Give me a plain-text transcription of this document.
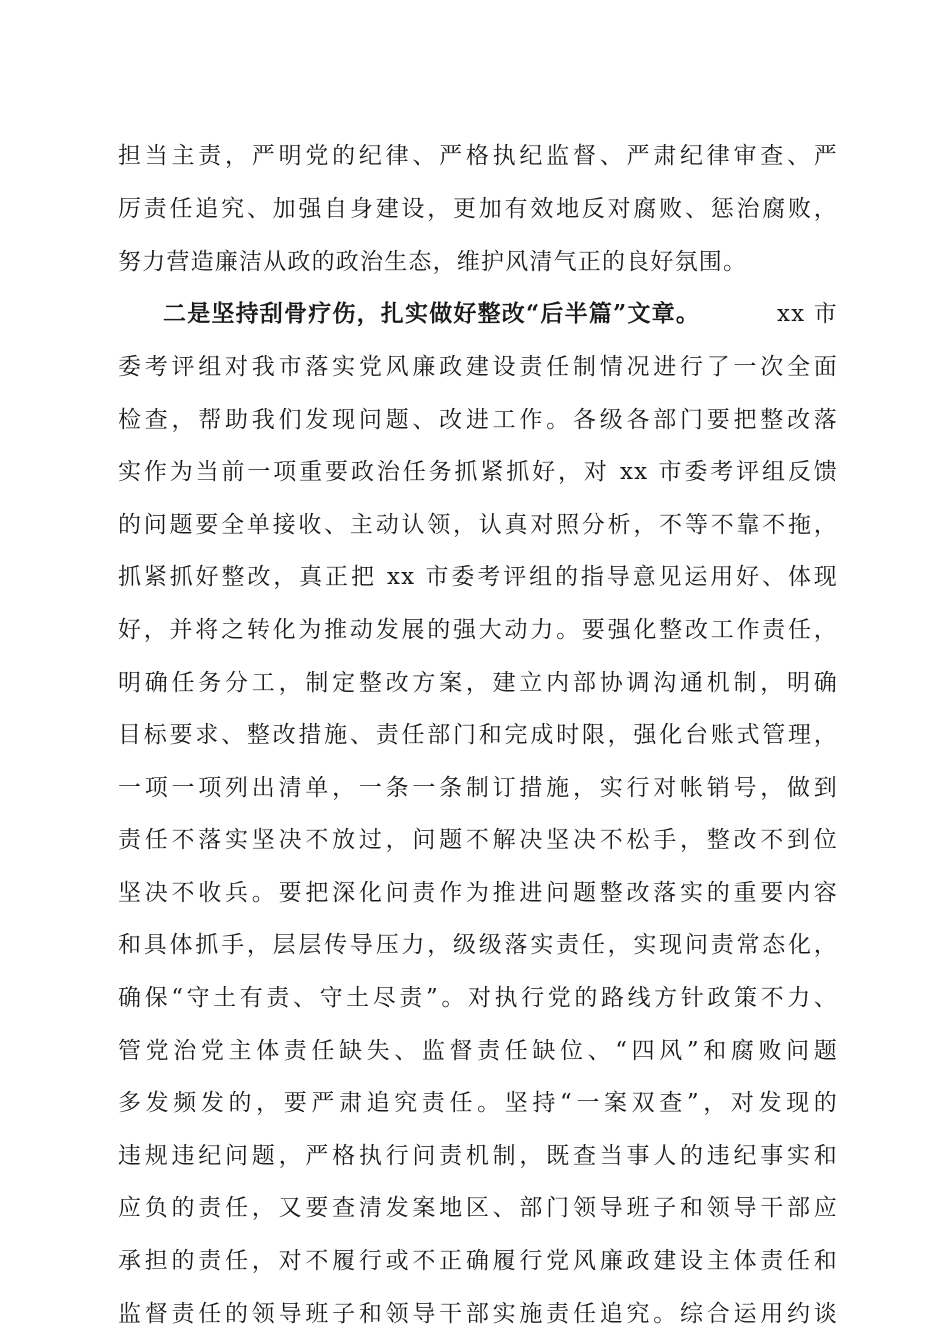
担当主责，严明党的纪律、严格执纪监督、严肃纪律审查、严
厉责任追究、加强自身建设，更加有效地反对腐败、惩治腐败，
努力营造廉洁从政的政治生态，维护风清气正的良好氛围。
二是坚持刮骨疗伤，扎实做好整改“后半篇”文章。	xx 市
委考评组对我市落实党风廉政建设责任制情况进行了一次全面
检查，帮助我们发现问题、改进工作。各级各部门要把整改落
实作为当前一项重要政治任务抓紧抓好，对 xx 市委考评组反馈
的问题要全单接收、主动认领，认真对照分析，不等不靠不拖，
抓紧抓好整改，真正把 xx 市委考评组的指导意见运用好、体现
好，并将之转化为推动发展的强大动力。要强化整改工作责任，
明确任务分工，制定整改方案，建立内部协调沟通机制，明确
目标要求、整改措施、责任部门和完成时限，强化台账式管理，
一项一项列出清单，一条一条制订措施，实行对帐销号，做到
责任不落实坚决不放过，问题不解决坚决不松手，整改不到位
坚决不收兵。要把深化问责作为推进问题整改落实的重要内容
和具体抓手，层层传导压力，级级落实责任，实现问责常态化，
确保“守土有责、守土尽责”。对执行党的路线方针政策不力、
管党治党主体责任缺失、监督责任缺位、“四风”和腐败问题
多发频发的，要严肃追究责任。坚持“一案双查”，对发现的
违规违纪问题，严格执行问责机制，既查当事人的违纪事实和
应负的责任，又要查清发案地区、部门领导班子和领导干部应
承担的责任，对不履行或不正确履行党风廉政建设主体责任和
监督责任的领导班子和领导干部实施责任追究。综合运用约谈
